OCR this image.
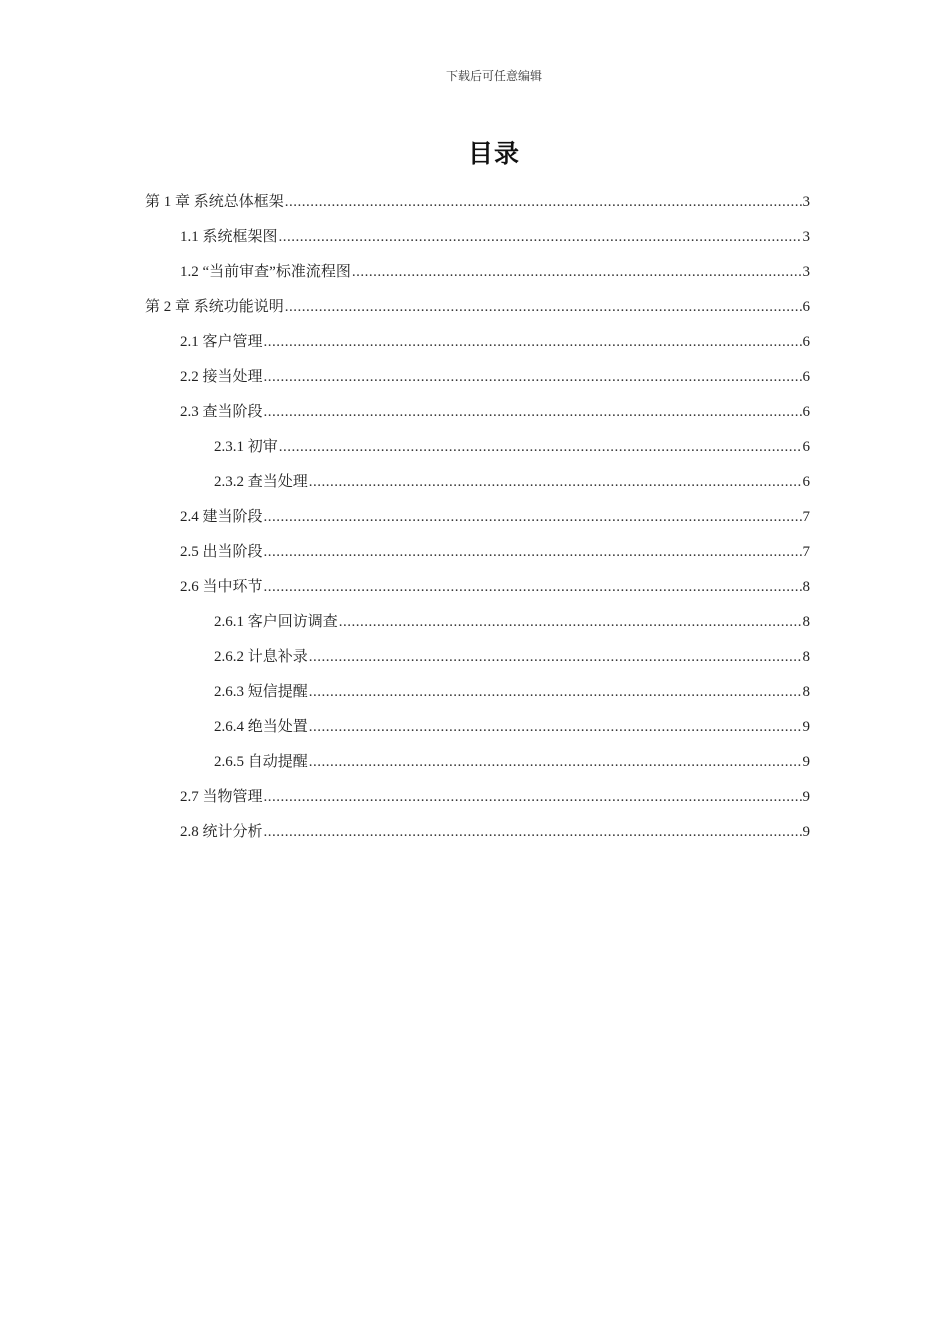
下载后可任意编辑
目录
第 1 章 系统总体框架 .....	3
1.1 系统框架图 .....	3
1.2 “当前审查”标准流程图 .....	3
第 2 章 系统功能说明 .....	6
2.1 客户管理 .....	6
2.2 接当处理 .....	6
2.3 查当阶段 .....	6
2.3.1 初审 .....	6
2.3.2 查当处理 .....	6
2.4 建当阶段 .....	7
2.5 出当阶段 .....	7
2.6 当中环节 .....	8
2.6.1 客户回访调查 .....	8
2.6.2 计息补录 .....	8
2.6.3 短信提醒 .....	8
2.6.4 绝当处置 .....	9
2.6.5 自动提醒 .....	9
2.7 当物管理 .....	9
2.8 统计分析 .....	9
